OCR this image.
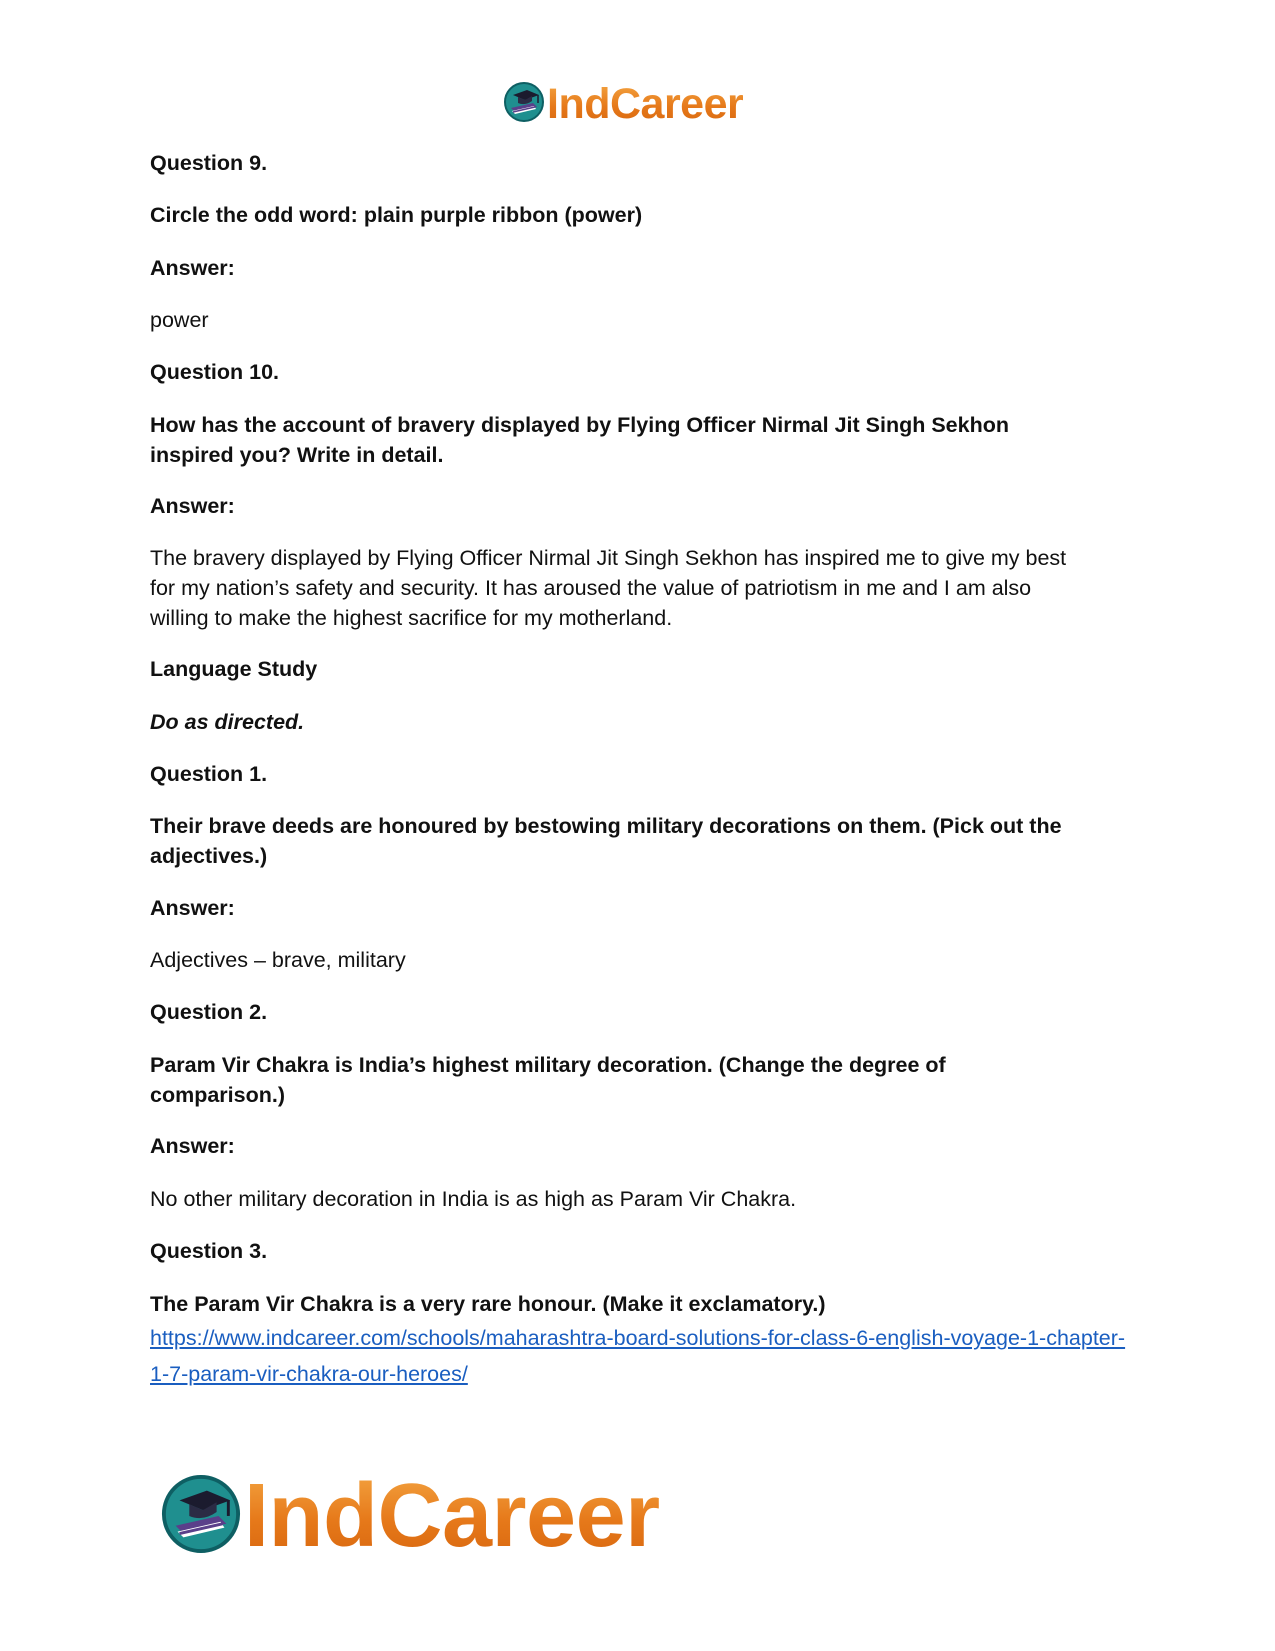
IndCareer

Question 9.

Circle the odd word: plain purple ribbon (power)

Answer:

power

Question 10.

How has the account of bravery displayed by Flying Officer Nirmal Jit Singh Sekhon inspired you? Write in detail.

Answer:

The bravery displayed by Flying Officer Nirmal Jit Singh Sekhon has inspired me to give my best for my nation’s safety and security. It has aroused the value of patriotism in me and I am also willing to make the highest sacrifice for my motherland.

Language Study

Do as directed.

Question 1.

Their brave deeds are honoured by bestowing military decorations on them. (Pick out the adjectives.)

Answer:

Adjectives – brave, military

Question 2.

Param Vir Chakra is India’s highest military decoration. (Change the degree of comparison.)

Answer:

No other military decoration in India is as high as Param Vir Chakra.

Question 3.

The Param Vir Chakra is a very rare honour. (Make it exclamatory.)

https://www.indcareer.com/schools/maharashtra-board-solutions-for-class-6-english-voyage-1-chapter-1-7-param-vir-chakra-our-heroes/
IndCareer
